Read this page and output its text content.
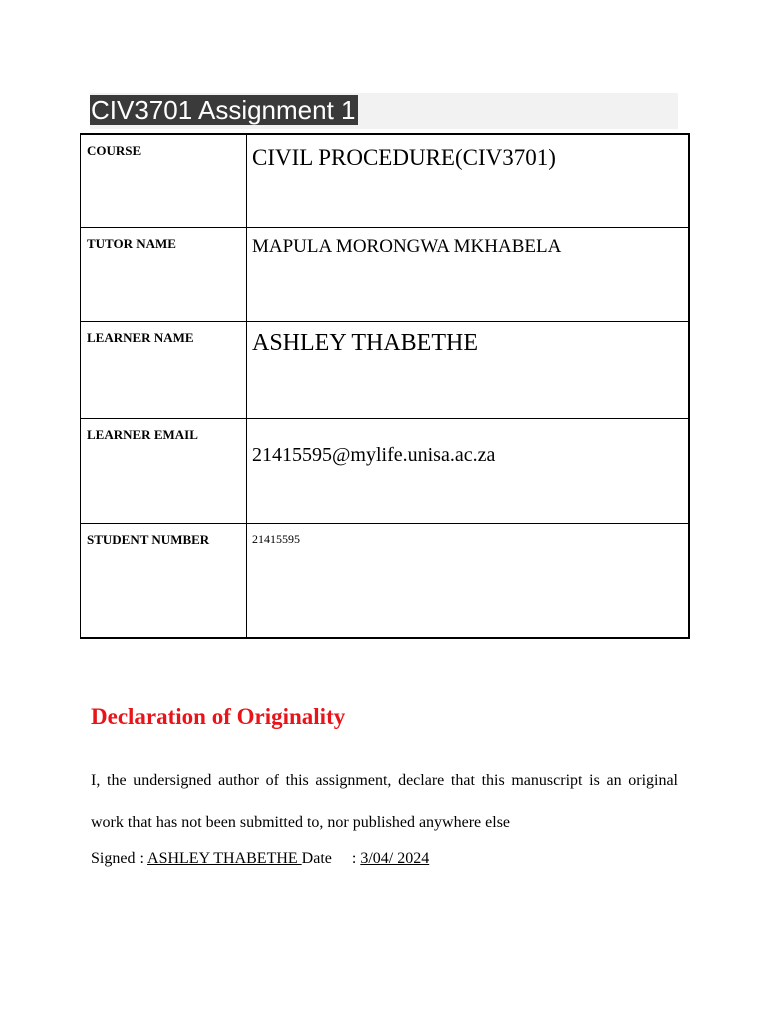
CIV3701 Assignment 1
COURSE	CIVIL PROCEDURE(CIV3701)

TUTOR NAME	MAPULA MORONGWA MKHABELA

LEARNER NAME	ASHLEY THABETHE

LEARNER EMAIL	21415595@mylife.unisa.ac.za

STUDENT NUMBER	21415595
Declaration of Originality
I, the undersigned author of this assignment, declare that this manuscript is an original work that has not been submitted to, nor published anywhere else
Signed : ASHLEY THABETHE Date     : 3/04/ 2024
